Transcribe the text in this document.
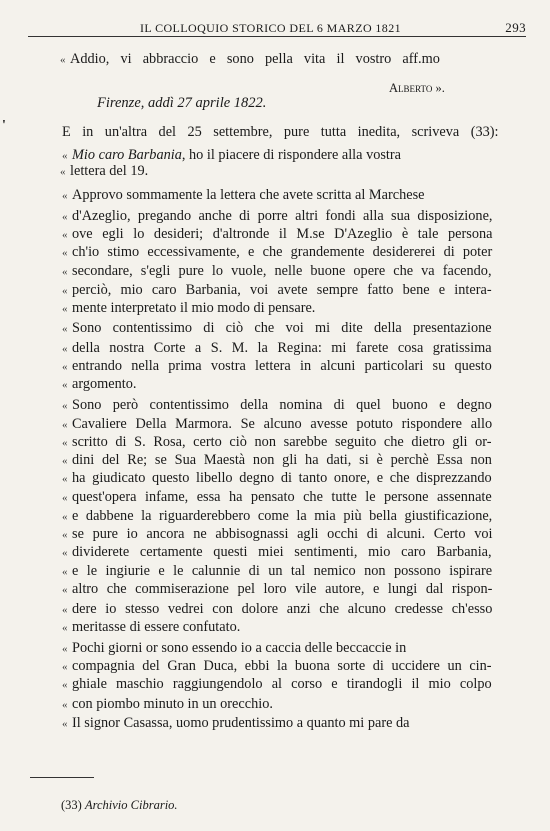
IL COLLOQUIO STORICO DEL 6 MARZO 1821	293
'
« Addio, vi abbraccio e sono pella vita il vostro aff.mo
E in un'altra del 25 settembre, pure tutta inedita, scriveva (33):
« Mio caro Barbania, ho il piacere di rispondere alla vostra
« lettera del 19.
« Approvo sommamente la lettera che avete scritta al Marchese
« d'Azeglio, pregando anche di porre altri fondi alla sua disposizione,
« ove egli lo desideri; d'altronde il M.se D'Azeglio è tale persona
« ch'io stimo eccessivamente, e che grandemente desidererei di poter
« secondare, s'egli pure lo vuole, nelle buone opere che va facendo,
« perciò, mio caro Barbania, voi avete sempre fatto bene e intera-
« mente interpretato il mio modo di pensare.
« Sono contentissimo di ciò che voi mi dite della presentazione
« della nostra Corte a S. M. la Regina: mi farete cosa gratissima
« entrando nella prima vostra lettera in alcuni particolari su questo
« argomento.
« Sono però contentissimo della nomina di quel buono e degno
« Cavaliere Della Marmora. Se alcuno avesse potuto rispondere allo
« scritto di S. Rosa, certo ciò non sarebbe seguito che dietro gli or-
« dini del Re; se Sua Maestà non gli ha dati, si è perchè Essa non
« ha giudicato questo libello degno di tanto onore, e che disprezzando
« quest'opera infame, essa ha pensato che tutte le persone assennate
« e dabbene la riguarderebbero come la mia più bella giustificazione,
« se pure io ancora ne abbisognassi agli occhi di alcuni. Certo voi
« dividerete certamente questi miei sentimenti, mio caro Barbania,
« e le ingiurie e le calunnie di un tal nemico non possono ispirare
« altro che commiserazione pel loro vile autore, e lungi dal rispon-
« dere io stesso vedrei con dolore anzi che alcuno credesse ch'esso
« meritasse di essere confutato.
« Pochi giorni or sono essendo io a caccia delle beccaccie in
« compagnia del Gran Duca, ebbi la buona sorte di uccidere un cin-
« ghiale maschio raggiungendolo al corso e tirandogli il mio colpo
« con piombo minuto in un orecchio.
« Il signor Casassa, uomo prudentissimo a quanto mi pare da
Alberto ».
Firenze, addì 27 aprile 1822.
(33) Archivio Cibrario.
